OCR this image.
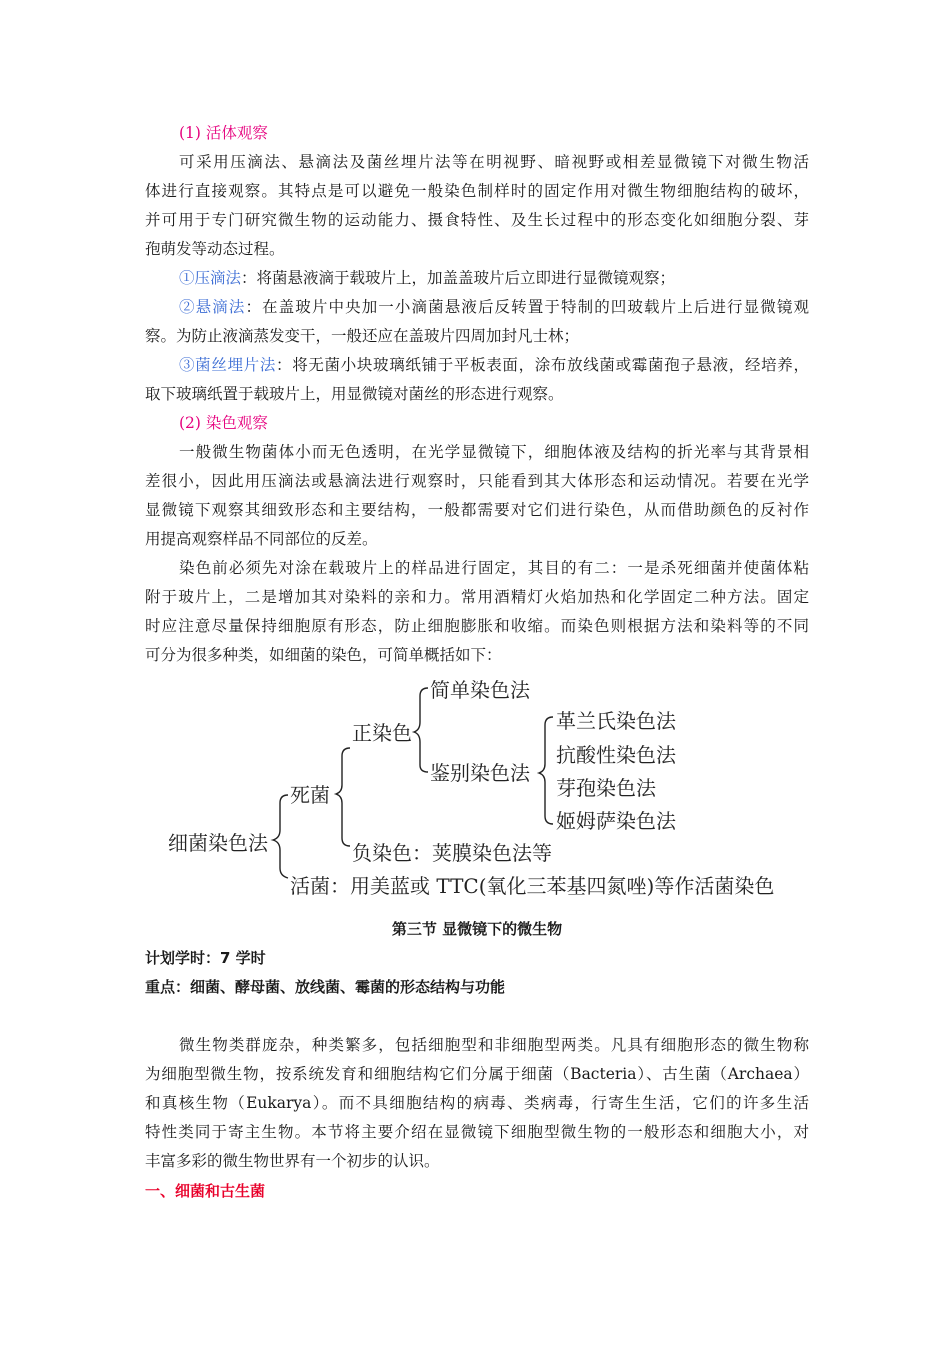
(1) 活体观察
可采用压滴法、悬滴法及菌丝埋片法等在明视野、暗视野或相差显微镜下对微生物活
体进行直接观察。其特点是可以避免一般染色制样时的固定作用对微生物细胞结构的破坏，
并可用于专门研究微生物的运动能力、摄食特性、及生长过程中的形态变化如细胞分裂、芽
孢萌发等动态过程。
①压滴法：将菌悬液滴于载玻片上，加盖盖玻片后立即进行显微镜观察；
②悬滴法：在盖玻片中央加一小滴菌悬液后反转置于特制的凹玻载片上后进行显微镜观
察。为防止液滴蒸发变干，一般还应在盖玻片四周加封凡士林；
③菌丝埋片法：将无菌小块玻璃纸铺于平板表面，涂布放线菌或霉菌孢子悬液，经培养，
取下玻璃纸置于载玻片上，用显微镜对菌丝的形态进行观察。
(2) 染色观察
一般微生物菌体小而无色透明，在光学显微镜下，细胞体液及结构的折光率与其背景相
差很小，因此用压滴法或悬滴法进行观察时，只能看到其大体形态和运动情况。若要在光学
显微镜下观察其细致形态和主要结构，一般都需要对它们进行染色，从而借助颜色的反衬作
用提高观察样品不同部位的反差。
染色前必须先对涂在载玻片上的样品进行固定，其目的有二：一是杀死细菌并使菌体粘
附于玻片上，二是增加其对染料的亲和力。常用酒精灯火焰加热和化学固定二种方法。固定
时应注意尽量保持细胞原有形态，防止细胞膨胀和收缩。而染色则根据方法和染料等的不同
可分为很多种类，如细菌的染色，可简单概括如下：
细菌染色法
死菌
正染色
简单染色法
鉴别染色法
革兰氏染色法
抗酸性染色法
芽孢染色法
姬姆萨染色法
负染色：荚膜染色法等
活菌：用美蓝或 TTC(氧化三苯基四氮唑)等作活菌染色
第三节 显微镜下的微生物
计划学时：7 学时
重点：细菌、酵母菌、放线菌、霉菌的形态结构与功能
微生物类群庞杂，种类繁多，包括细胞型和非细胞型两类。凡具有细胞形态的微生物称
为细胞型微生物，按系统发育和细胞结构它们分属于细菌（Bacteria）、古生菌（Archaea）
和真核生物（Eukarya）。而不具细胞结构的病毒、类病毒，行寄生生活，它们的许多生活
特性类同于寄主生物。本节将主要介绍在显微镜下细胞型微生物的一般形态和细胞大小，对
丰富多彩的微生物世界有一个初步的认识。
一、细菌和古生菌
